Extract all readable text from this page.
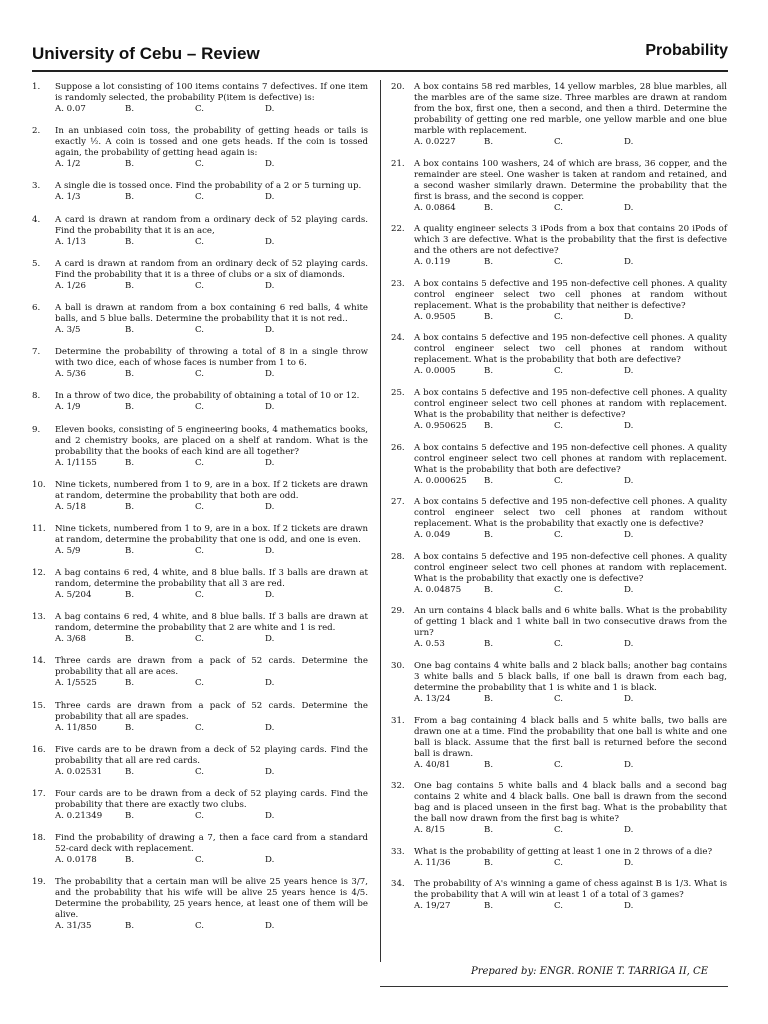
University of Cebu – Review	Probability
1. Suppose a lot consisting of 100 items contains 7 defectives. If one item is randomly selected, the probability P(item is defective) is:
A. 0.07	B.	C.	D.
2. In an unbiased coin toss, the probability of getting heads or tails is exactly ½. A coin is tossed and one gets heads. If the coin is tossed again, the probability of getting head again is:
A. 1/2	B.	C.	D.
3. A single die is tossed once. Find the probability of a 2 or 5 turning up.
A. 1/3	B.	C.	D.
4. A card is drawn at random from a ordinary deck of 52 playing cards. Find the probability that it is an ace,
A. 1/13	B.	C.	D.
5. A card is drawn at random from an ordinary deck of 52 playing cards. Find the probability that it is a three of clubs or a six of diamonds.
A. 1/26	B.	C.	D.
6. A ball is drawn at random from a box containing 6 red balls, 4 white balls, and 5 blue balls. Determine the probability that it is not red..
A. 3/5	B.	C.	D.
7. Determine the probability of throwing a total of 8 in a single throw with two dice, each of whose faces is number from 1 to 6.
A. 5/36	B.	C.	D.
8. In a throw of two dice, the probability of obtaining a total of 10 or 12.
A. 1/9	B.	C.	D.
9. Eleven books, consisting of 5 engineering books, 4 mathematics books, and 2 chemistry books, are placed on a shelf at random. What is the probability that the books of each kind are all together?
A. 1/1155	B.	C.	D.
10. Nine tickets, numbered from 1 to 9, are in a box. If 2 tickets are drawn at random, determine the probability that both are odd.
A. 5/18	B.	C.	D.
11. Nine tickets, numbered from 1 to 9, are in a box. If 2 tickets are drawn at random, determine the probability that one is odd, and one is even.
A. 5/9	B.	C.	D.
12. A bag contains 6 red, 4 white, and 8 blue balls. If 3 balls are drawn at random, determine the probability that all 3 are red.
A. 5/204	B.	C.	D.
13. A bag contains 6 red, 4 white, and 8 blue balls. If 3 balls are drawn at random, determine the probability that 2 are white and 1 is red.
A. 3/68	B.	C.	D.
14. Three cards are drawn from a pack of 52 cards. Determine the probability that all are aces.
A. 1/5525	B.	C.	D.
15. Three cards are drawn from a pack of 52 cards. Determine the probability that all are spades.
A. 11/850	B.	C.	D.
16. Five cards are to be drawn from a deck of 52 playing cards. Find the probability that all are red cards.
A. 0.02531	B.	C.	D.
17. Four cards are to be drawn from a deck of 52 playing cards. Find the probability that there are exactly two clubs.
A. 0.21349	B.	C.	D.
18. Find the probability of drawing a 7, then a face card from a standard 52-card deck with replacement.
A. 0.0178	B.	C.	D.
19. The probability that a certain man will be alive 25 years hence is 3/7, and the probability that his wife will be alive 25 years hence is 4/5. Determine the probability, 25 years hence, at least one of them will be alive.
A. 31/35	B.	C.	D.
20. A box contains 58 red marbles, 14 yellow marbles, 28 blue marbles, all the marbles are of the same size. Three marbles are drawn at random from the box, first one, then a second, and then a third. Determine the probability of getting one red marble, one yellow marble and one blue marble with replacement.
A. 0.0227	B.	C.	D.
21. A box contains 100 washers, 24 of which are brass, 36 copper, and the remainder are steel. One washer is taken at random and retained, and a second washer similarly drawn. Determine the probability that the first is brass, and the second is copper.
A. 0.0864	B.	C.	D.
22. A quality engineer selects 3 iPods from a box that contains 20 iPods of which 3 are defective. What is the probability that the first is defective and the others are not defective?
A. 0.119	B.	C.	D.
23. A box contains 5 defective and 195 non-defective cell phones. A quality control engineer select two cell phones at random without replacement. What is the probability that neither is defective?
A. 0.9505	B.	C.	D.
24. A box contains 5 defective and 195 non-defective cell phones. A quality control engineer select two cell phones at random without replacement. What is the probability that both are defective?
A. 0.0005	B.	C.	D.
25. A box contains 5 defective and 195 non-defective cell phones. A quality control engineer select two cell phones at random with replacement. What is the probability that neither is defective?
A. 0.950625 B.	C.	D.
26. A box contains 5 defective and 195 non-defective cell phones. A quality control engineer select two cell phones at random with replacement. What is the probability that both are defective?
A. 0.000625 B.	C.	D.
27. A box contains 5 defective and 195 non-defective cell phones. A quality control engineer select two cell phones at random without replacement. What is the probability that exactly one is defective?
A. 0.049	B.	C.	D.
28. A box contains 5 defective and 195 non-defective cell phones. A quality control engineer select two cell phones at random with replacement. What is the probability that exactly one is defective?
A. 0.04875	B.	C.	D.
29. An urn contains 4 black balls and 6 white balls. What is the probability of getting 1 black and 1 white ball in two consecutive draws from the urn?
A. 0.53	B.	C.	D.
30. One bag contains 4 white balls and 2 black balls; another bag contains 3 white balls and 5 black balls, if one ball is drawn from each bag, determine the probability that 1 is white and 1 is black.
A. 13/24	B.	C.	D.
31. From a bag containing 4 black balls and 5 white balls, two balls are drawn one at a time. Find the probability that one ball is white and one ball is black. Assume that the first ball is returned before the second ball is drawn.
A. 40/81	B.	C.	D.
32. One bag contains 5 white balls and 4 black balls and a second bag contains 2 white and 4 black balls. One ball is drawn from the second bag and is placed unseen in the first bag. What is the probability that the ball now drawn from the first bag is white?
A. 8/15	B.	C.	D.
33. What is the probability of getting at least 1 one in 2 throws of a die?
A. 11/36	B.	C.	D.
34. The probability of A's winning a game of chess against B is 1/3. What is the probability that A will win at least 1 of a total of 3 games?
A. 19/27	B.	C.	D.
Prepared by: ENGR. RONIE T. TARRIGA II, CE
